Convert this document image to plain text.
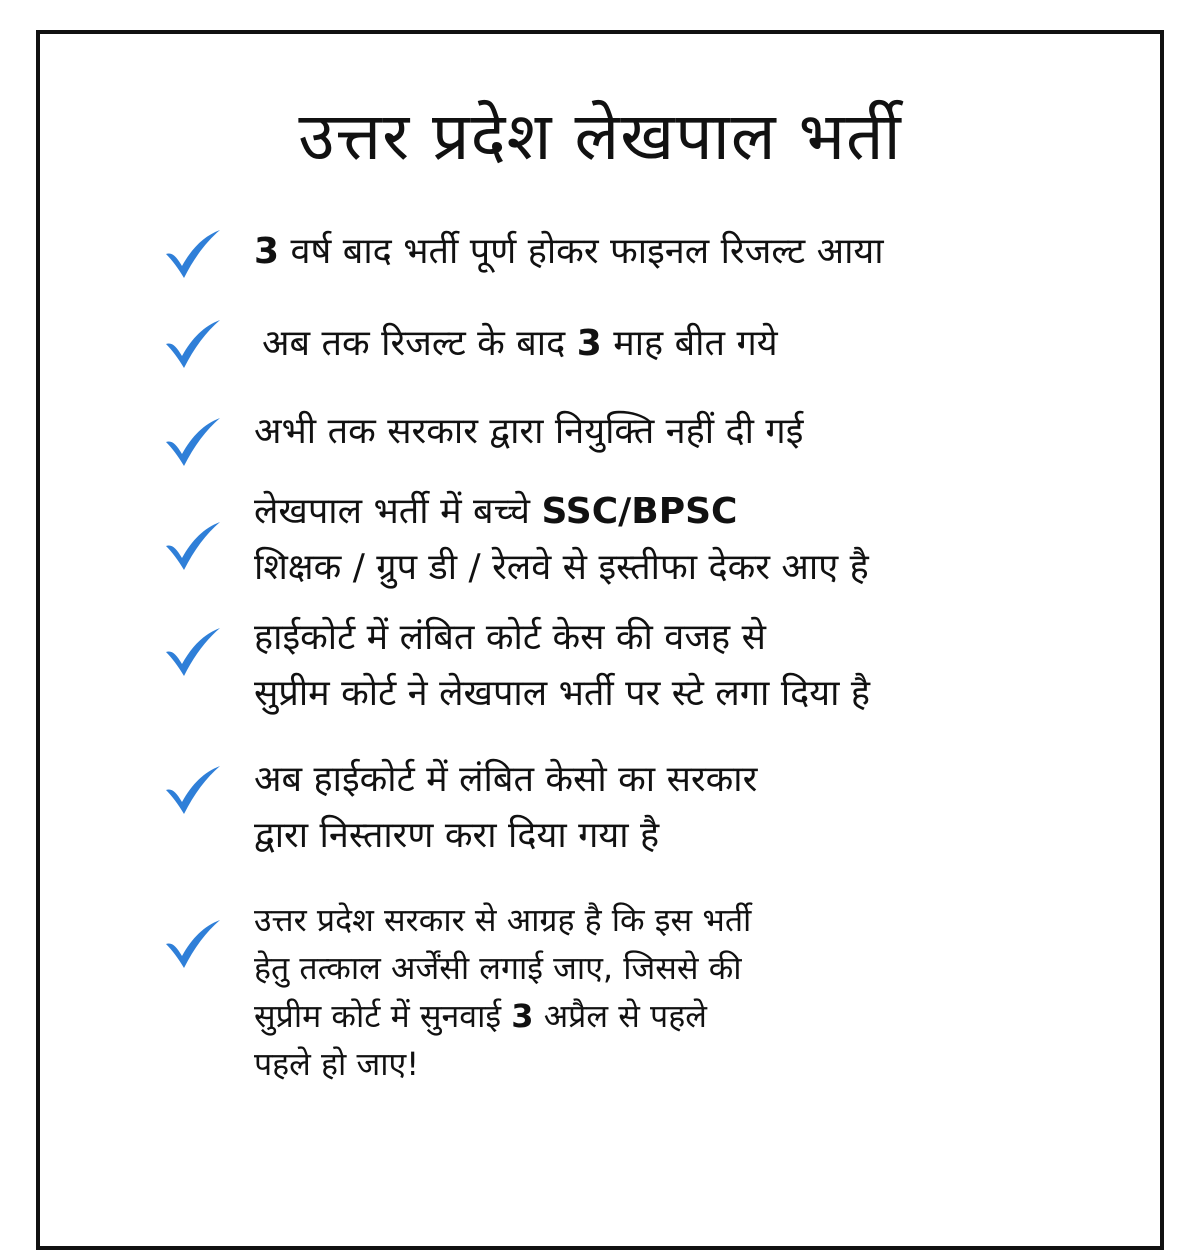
उत्तर प्रदेश लेखपाल भर्ती
3 वर्ष बाद भर्ती पूर्ण होकर फाइनल रिजल्ट आया
अब तक रिजल्ट के बाद 3 माह बीत गये
अभी तक सरकार द्वारा नियुक्ति नहीं दी गई
लेखपाल भर्ती में बच्चे SSC/BPSC
शिक्षक / ग्रुप डी / रेलवे से इस्तीफा देकर आए है
हाईकोर्ट में लंबित कोर्ट केस की वजह से
सुप्रीम कोर्ट ने लेखपाल भर्ती पर स्टे लगा दिया है
अब हाईकोर्ट में लंबित केसो का सरकार
द्वारा निस्तारण करा दिया गया है
उत्तर प्रदेश सरकार से आग्रह है कि इस भर्ती
हेतु तत्काल अर्जेंसी लगाई जाए, जिससे की
सुप्रीम कोर्ट में सुनवाई 3 अप्रैल से पहले
पहले हो जाए!
